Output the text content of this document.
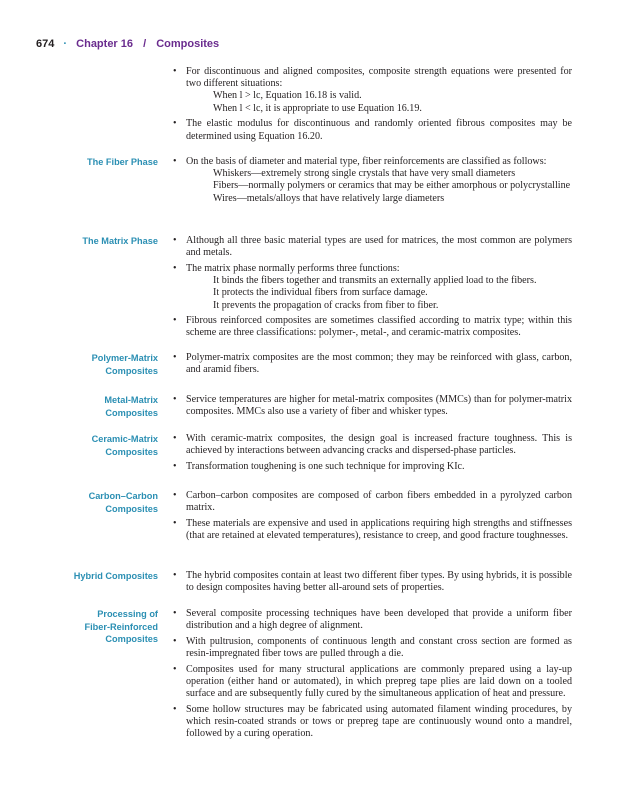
674 · Chapter 16 / Composites
• For discontinuous and aligned composites, composite strength equations were presented for two different situations:
When l > lc, Equation 16.18 is valid.
When l < lc, it is appropriate to use Equation 16.19.
• The elastic modulus for discontinuous and randomly oriented fibrous composites may be determined using Equation 16.20.
The Fiber Phase	• On the basis of diameter and material type, fiber reinforcements are classified as follows:
Whiskers—extremely strong single crystals that have very small diameters
Fibers—normally polymers or ceramics that may be either amorphous or polycrystalline
Wires—metals/alloys that have relatively large diameters
The Matrix Phase	• Although all three basic material types are used for matrices, the most common are polymers and metals.
• The matrix phase normally performs three functions:
It binds the fibers together and transmits an externally applied load to the fibers.
It protects the individual fibers from surface damage.
It prevents the propagation of cracks from fiber to fiber.
• Fibrous reinforced composites are sometimes classified according to matrix type; within this scheme are three classifications: polymer-, metal-, and ceramic-matrix composites.
Polymer-Matrix
Composites
• Polymer-matrix composites are the most common; they may be reinforced with glass, carbon, and aramid fibers.
Metal-Matrix
Composites
• Service temperatures are higher for metal-matrix composites (MMCs) than for polymer-matrix composites. MMCs also use a variety of fiber and whisker types.
Ceramic-Matrix
Composites
• With ceramic-matrix composites, the design goal is increased fracture toughness. This is achieved by interactions between advancing cracks and dispersed-phase particles.
• Transformation toughening is one such technique for improving KIc.
Carbon–Carbon
Composites
• Carbon–carbon composites are composed of carbon fibers embedded in a pyrolyzed carbon matrix.
• These materials are expensive and used in applications requiring high strengths and stiffnesses (that are retained at elevated temperatures), resistance to creep, and good fracture toughnesses.
Hybrid Composites	• The hybrid composites contain at least two different fiber types. By using hybrids, it is possible to design composites having better all-around sets of properties.
Processing of
Fiber-Reinforced
Composites
• Several composite processing techniques have been developed that provide a uniform fiber distribution and a high degree of alignment.
• With pultrusion, components of continuous length and constant cross section are formed as resin-impregnated fiber tows are pulled through a die.
• Composites used for many structural applications are commonly prepared using a lay-up operation (either hand or automated), in which prepreg tape plies are laid down on a tooled surface and are subsequently fully cured by the simultaneous application of heat and pressure.
• Some hollow structures may be fabricated using automated filament winding procedures, by which resin-coated strands or tows or prepreg tape are continuously wound onto a mandrel, followed by a curing operation.
